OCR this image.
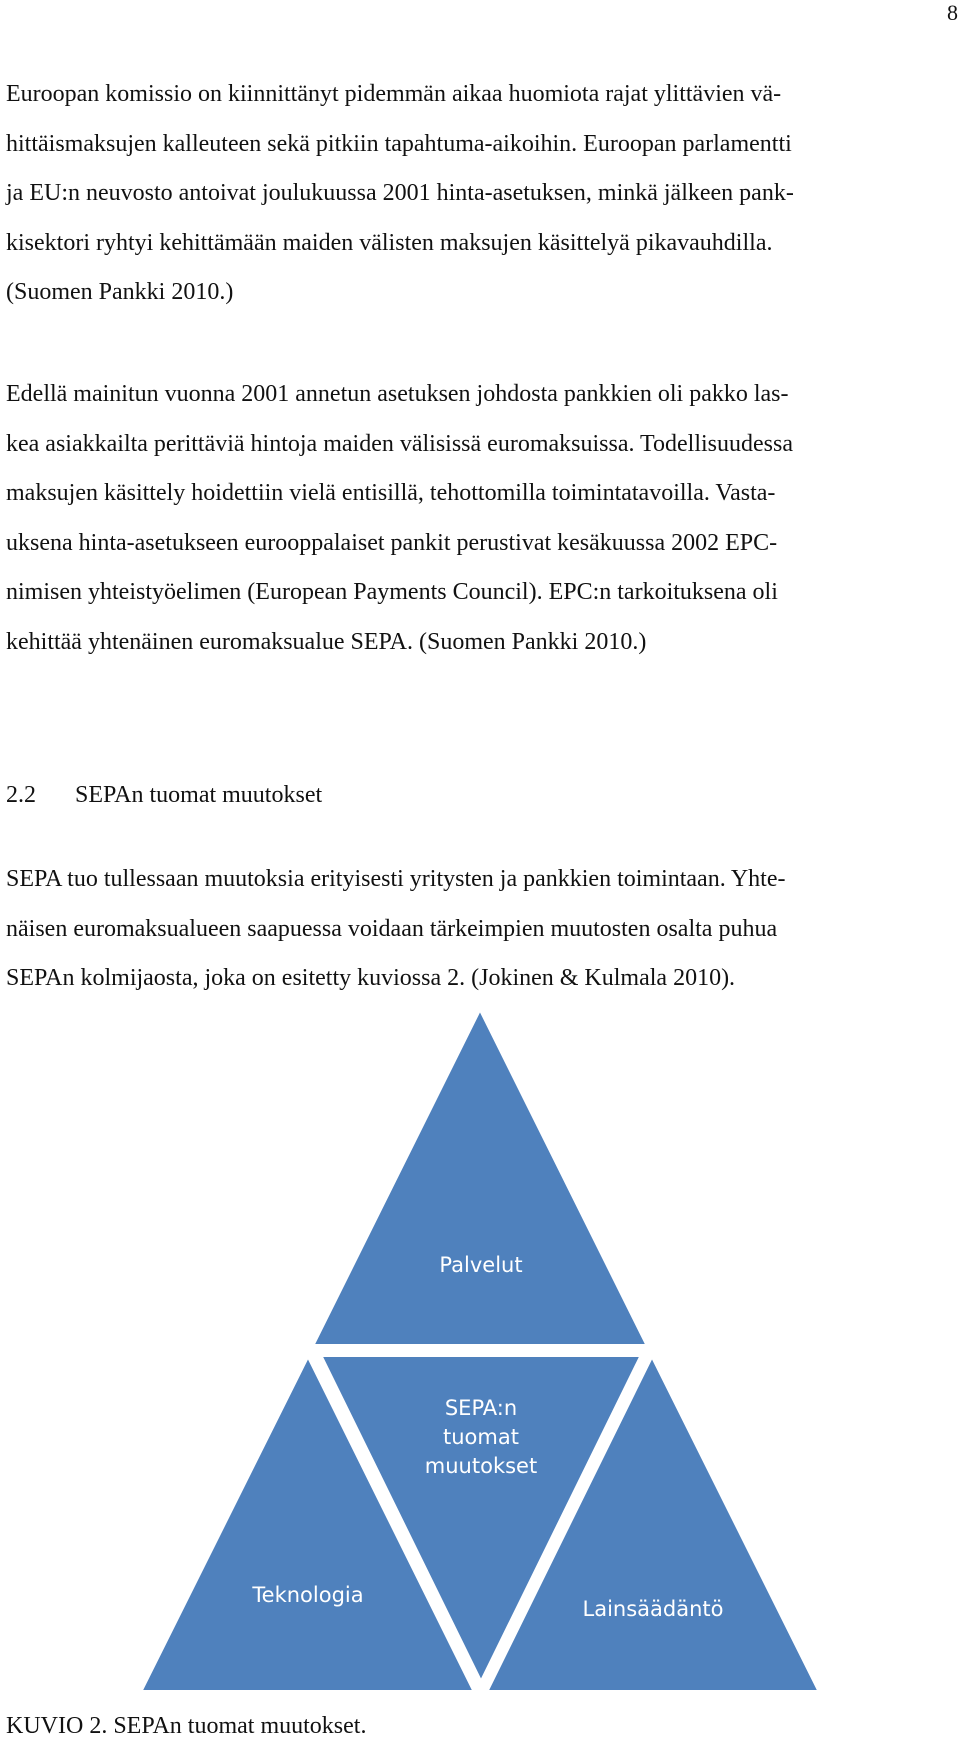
8

Euroopan komissio on kiinnittänyt pidemmän aikaa huomiota rajat ylittävien vä-
hittäismaksujen kalleuteen sekä pitkiin tapahtuma-aikoihin. Euroopan parlamentti
ja EU:n neuvosto antoivat joulukuussa 2001 hinta-asetuksen, minkä jälkeen pank-
kisektori ryhtyi kehittämään maiden välisten maksujen käsittelyä pikavauhdilla.
(Suomen Pankki 2010.)

Edellä mainitun vuonna 2001 annetun asetuksen johdosta pankkien oli pakko las-
kea asiakkailta perittäviä hintoja maiden välisissä euromaksuissa. Todellisuudessa
maksujen käsittely hoidettiin vielä entisillä, tehottomilla toimintatavoilla. Vasta-
uksena hinta-asetukseen eurooppalaiset pankit perustivat kesäkuussa 2002 EPC-
nimisen yhteistyöelimen (European Payments Council). EPC:n tarkoituksena oli
kehittää yhtenäinen euromaksualue SEPA. (Suomen Pankki 2010.)

2.2 SEPAn tuomat muutokset

SEPA tuo tullessaan muutoksia erityisesti yritysten ja pankkien toimintaan. Yhte-
näisen euromaksualueen saapuessa voidaan tärkeimpien muutosten osalta puhua
SEPAn kolmijaosta, joka on esitetty kuviossa 2. (Jokinen & Kulmala 2010).

Palvelut
SEPA:n
tuomat
muutokset
Teknologia
Lainsäädäntö
KUVIO 2. SEPAn tuomat muutokset.
